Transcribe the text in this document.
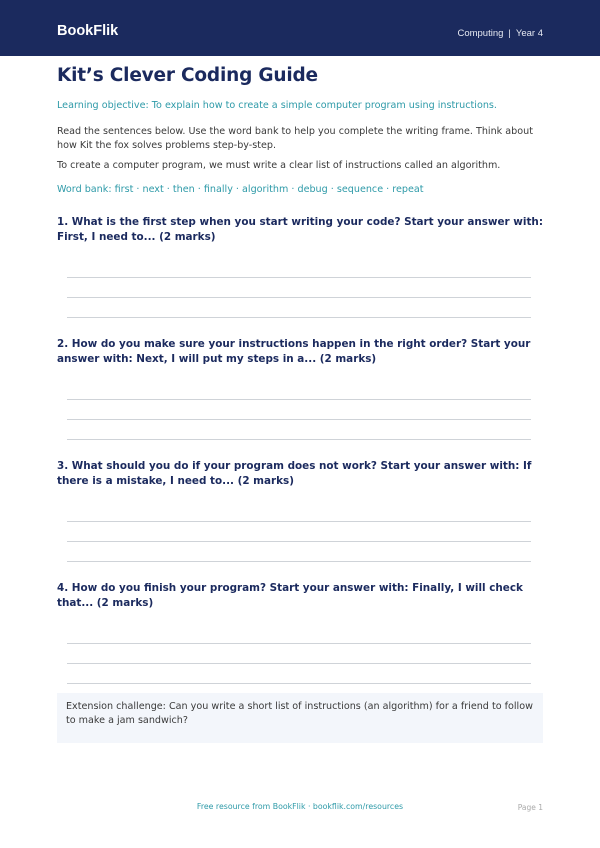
BookFlik	Computing | Year 4
Kit’s Clever Coding Guide
Learning objective: To explain how to create a simple computer program using instructions.
Read the sentences below. Use the word bank to help you complete the writing frame. Think about how Kit the fox solves problems step-by-step.
To create a computer program, we must write a clear list of instructions called an algorithm.
Word bank: first · next · then · finally · algorithm · debug · sequence · repeat
1. What is the first step when you start writing your code? Start your answer with: First, I need to... (2 marks)
2. How do you make sure your instructions happen in the right order? Start your answer with: Next, I will put my steps in a... (2 marks)
3. What should you do if your program does not work? Start your answer with: If there is a mistake, I need to... (2 marks)
4. How do you finish your program? Start your answer with: Finally, I will check that... (2 marks)
Extension challenge: Can you write a short list of instructions (an algorithm) for a friend to follow to make a jam sandwich?
Free resource from BookFlik · bookflik.com/resources	Page 1
